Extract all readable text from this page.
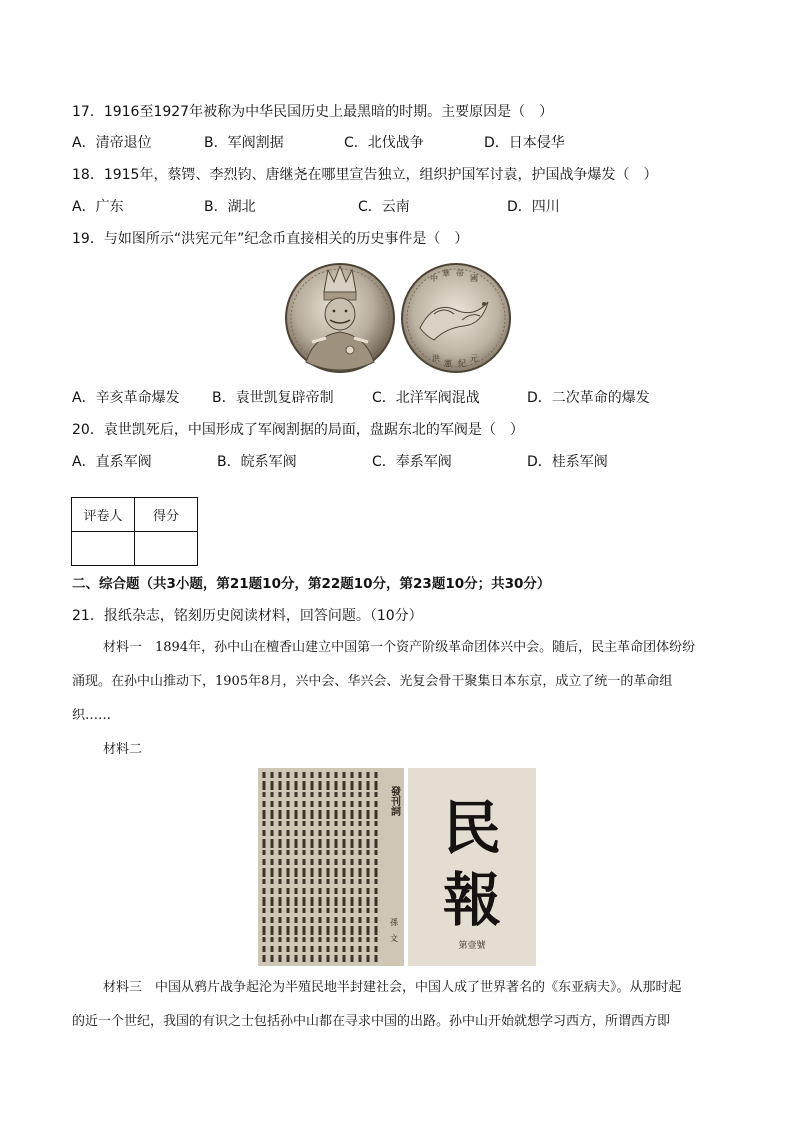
17．1916至1927年被称为中华民国历史上最黑暗的时期。主要原因是（　）
A．清帝退位	B．军阀割据	C．北伐战争	D．日本侵华
18．1915年，蔡锷、李烈钧、唐继尧在哪里宣告独立，组织护国军讨袁，护国战争爆发（　）
A．广东	B．湖北	C．云南	D．四川
19．与如图所示“洪宪元年”纪念币直接相关的历史事件是（　）
中
華 帝
國
洪
憲 紀
元
A．辛亥革命爆发 B．袁世凯复辟帝制	C．北洋军阀混战	D．二次革命的爆发
20．袁世凯死后，中国形成了军阀割据的局面，盘踞东北的军阀是（　）
A．直系军阀	B．皖系军阀	C．奉系军阀	D．桂系军阀
评卷人	得分

二、综合题（共3小题，第21题10分，第22题10分，第23题10分；共30分）
21．报纸杂志，铭刻历史阅读材料，回答问题。（10分）
材料一　1894年，孙中山在檀香山建立中国第一个资产阶级革命团体兴中会。随后，民主革命团体纷纷
涌现。在孙中山推动下，1905年8月，兴中会、华兴会、光复会骨干聚集日本东京，成立了统一的革命组
织……
材料二
發刊詞
孫　文
民
報
第壹號
材料三　中国从鸦片战争起沦为半殖民地半封建社会，中国人成了世界著名的《东亚病夫》。从那时起
的近一个世纪，我国的有识之士包括孙中山都在寻求中国的出路。孙中山开始就想学习西方，所谓西方即
